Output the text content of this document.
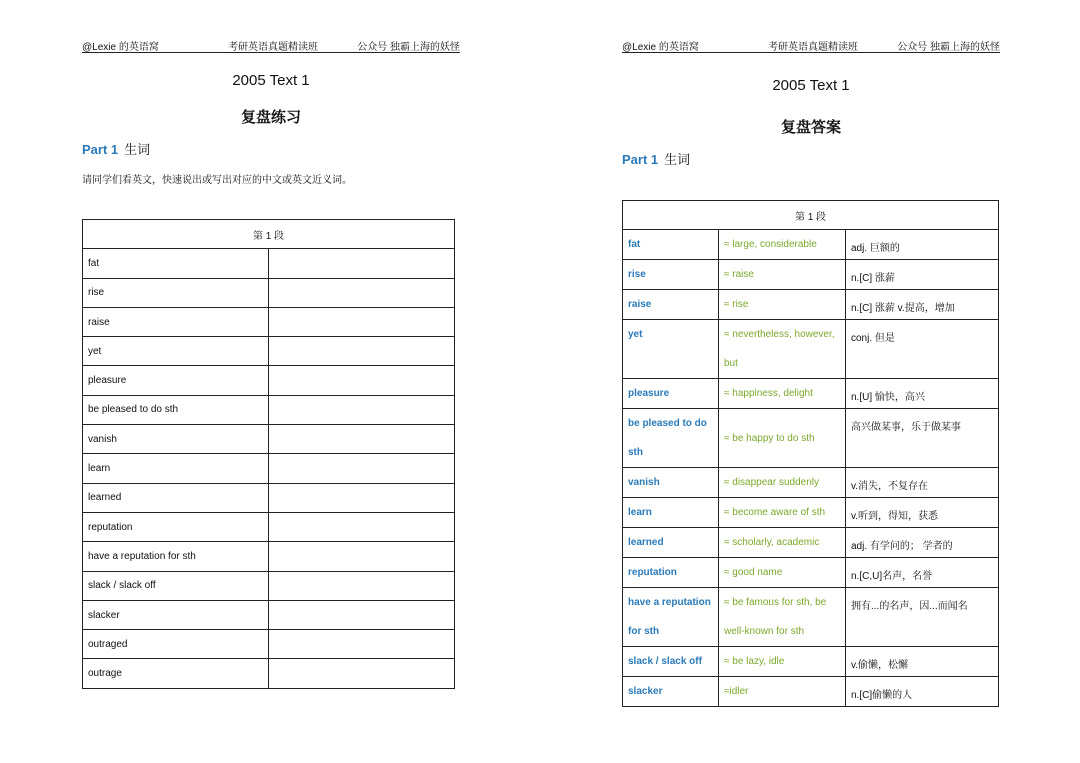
@Lexie 的英语窝	考研英语真题精读班	公众号 独霸上海的妖怪
2005 Text 1
复盘练习
Part 1 生词
请同学们看英文，快速说出或写出对应的中文或英文近义词。
第 1 段	
fat	
rise	
raise	
yet	
pleasure	
be pleased to do sth	
vanish	
learn	
learned	
reputation	
have a reputation for sth	
slack / slack off	
slacker	
outraged	
outrage	
@Lexie 的英语窝	考研英语真题精读班	公众号 独霸上海的妖怪
2005 Text 1
复盘答案
Part 1 生词
第 1 段		
fat	≈ large, considerable	adj. 巨额的
rise	≈ raise	n.[C] 涨薪
raise	≈ rise	n.[C] 涨薪 v.提高，增加
yet	≈ nevertheless, however, but	conj. 但是
pleasure	≈ happiness, delight	n.[U] 愉快，高兴
be pleased to do sth	≈ be happy to do sth	高兴做某事，乐于做某事
vanish	≈ disappear suddenly	v.消失，不复存在
learn	≈ become aware of sth	v.听到，得知，获悉
learned	≈ scholarly, academic	adj. 有学问的； 学者的
reputation	≈ good name	n.[C,U]名声，名誉
have a reputation for sth	≈ be famous for sth, be well-known for sth	拥有...的名声，因...而闻名
slack / slack off	≈ be lazy, idle	v.偷懒，松懈
slacker	≈idler	n.[C]偷懒的人
